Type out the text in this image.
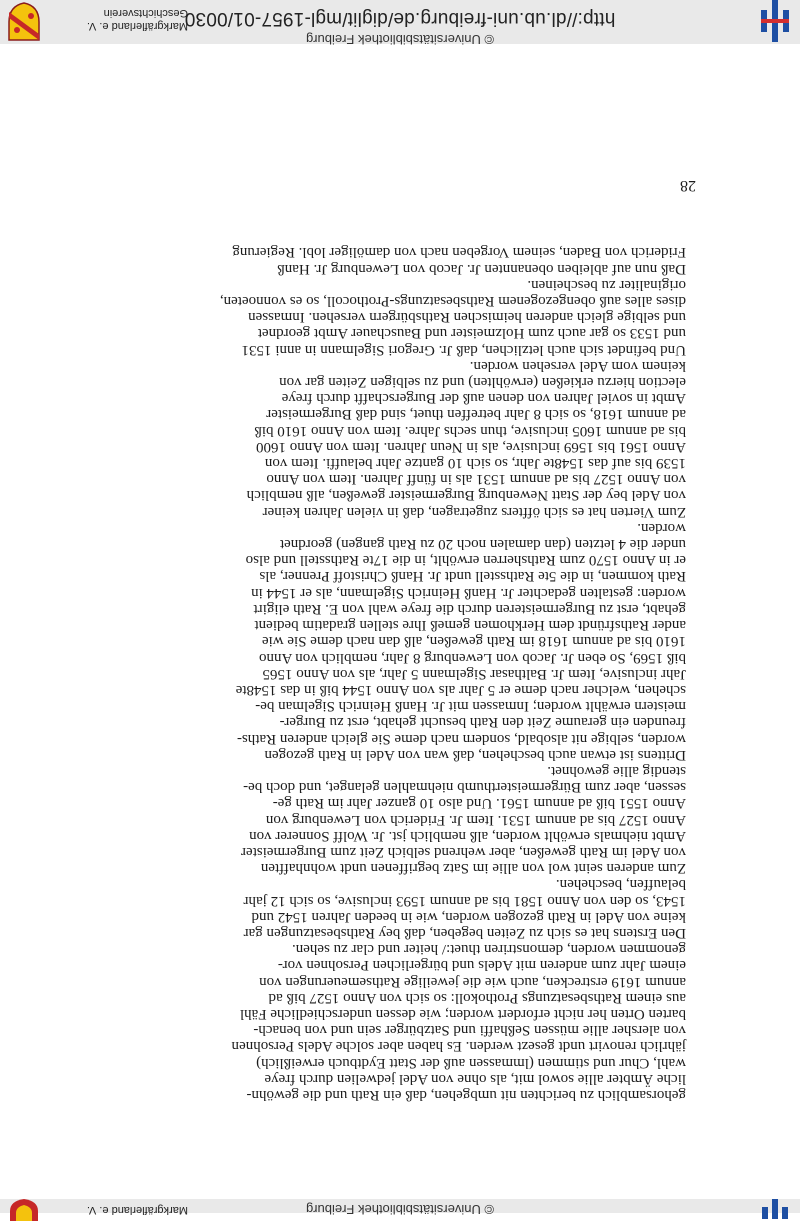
© Universitätsbibliothek Freiburg
Markgräflerland e. V.
© Universitätsbibliothek Freiburg
http://dl.ub.uni-freiburg.de/diglit/mgl-1957-01/0030
Markgräflerland e. V.
Geschichtsverein
28

gehorsamblich zu berichten nit umbgehen, daß ein Rath und die gewöhn-

liche Ämbter allie sowol mit, als ohne von Adel jedwelien durch freye

wahl, Chur und stimmen (lmmassen auß der Statt Eydtbuch erweißlich)

jährlich renovirt undt gesezt werden. Es haben aber solche Adels Persohnen

von alersher allie müssen Seßhaffi und Satzbürger sein und von benach-

barten Orten her nicht erfordert worden; wie dessen underschiedliche Fähl

aus einem Rathsbesatzungs Prothokoll: so sich von Anno 1527 biß ad

annum 1619 erstrecken, auch wie die jeweilige Rathsemeuerungen von

einem Jahr zum anderen mit Adels und bürgerlichen Persohnen vor-

genommen worden, demonstriren thuet:/ heiter und clar zu sehen.

Den Erstens hat es sich zu Zeiten begeben, daß bey Rathsbesatzungen gar

keine von Adel in Rath gezogen worden, wie in beeden Jahren 1542 und

1543, so den von Anno 1581 bis ad annum 1593 inclusive, so sich 12 jahr

belauffen, beschehen.

Zum anderen seint wol von allie im Satz begriffenen undt wohnhafften

von Adel im Rath geweßen, aber wehrend selbich Zeit zum Burgermeister

Ambt niehmals erwöhlt worden, alß nemblich jst. Jr. Wolff Sonnerer von

Anno 1527 bis ad annum 1531. Item Jr. Friderich von Lewenburg von

Anno 1551 biß ad annum 1561. Und also 10 ganzer Jahr im Rath ge-

sessen, aber zum Bürgermeisterthumb niehmahlen gelanget, und doch be-

stendig allie gewohnet.

Drittens ist etwan auch beschehen, daß wan von Adel in Rath gezogen

worden, selbige nit alsobald, sondern nach deme Sie gleich anderen Raths-

freunden ein geraume Zeit den Rath besucht gehabt, erst zu Burger-

meistern erwählt worden; Inmassen mit Jr. Hanß Heinrich Sigelman be-

schehen, welcher nach deme er 5 Jahr als von Anno 1544 biß in das 1548te

Jahr inclusive, Item Jr. Balthasar Sigelmann 5 Jahr, als von Anno 1565

biß 1569, So eben Jr. Jacob von Lewenburg 8 Jahr, nemblich von Anno

1610 bis ad annum 1618 im Rath geweßen, alß dan nach deme Sie wie

ander Rathsfründt dem Herkhomen gemeß Ihre stellen gradatim bedient

gehabt, erst zu Burgermeisteren durch die freye wahl von E. Rath eligirt

worden: gestalten gedachter Jr. Hanß Heinrich Sigelmann, als er 1544 in

Rath kommen, in die 5te Rathsstell undt Jr. Hanß Christoff Prenner, als

er in Anno 1570 zum Rathsherren erwöhlt, in die 17te Rathsstell und also

under die 4 letzten (dan damalen noch 20 zu Rath gangen) geordnet

worden.

Zum Vierten hat es sich öffters zugetragen, daß in vielen Jahren keiner

von Adel bey der Statt Newenburg Burgermeister geweßen, alß nemblich

von Anno 1527 bis ad annum 1531 als in fünff Jahren. Item von Anno

1539 bis auf das 1548te Jahr, so sich 10 gantze Jahr belauffi. Item von

Anno 1561 bis 1569 inclusive, als in Neun Jahren. Item von Anno 1600

bis ad annum 1605 inclusive, thun sechs Jahre. Item von Anno 1610 biß

ad annum 1618, so sich 8 Jahr betreffen thuet, sind daß Burgermeister

Ambt in soviel Jahren von denen auß der Burgerschafft durch freye

election hierzu erkießen (erwöhlten) und zu selbigen Zeiten gar von

keinem vom Adel versehen worden.

Und befindet sich auch letzlichen, daß Jr. Gregori Sigelmann in anni 1531

und 1533 so gar auch zum Holzmeister und Bauschauer Ambt geordnet

und selbige gleich anderen heimischen Rathsbürgern versehen. Inmassen

dises alles auß obengezogenem Rathsbesatzungs-Prothocoll, so es vonnoeten,

originaliter zu bescheinen.

Daß nun auf ableiben obenannten Jr. Jacob von Lewenburg Jr. Hanß

Friderich von Baden, seinem Vorgeben nach von damöliger lobl. Regierung
